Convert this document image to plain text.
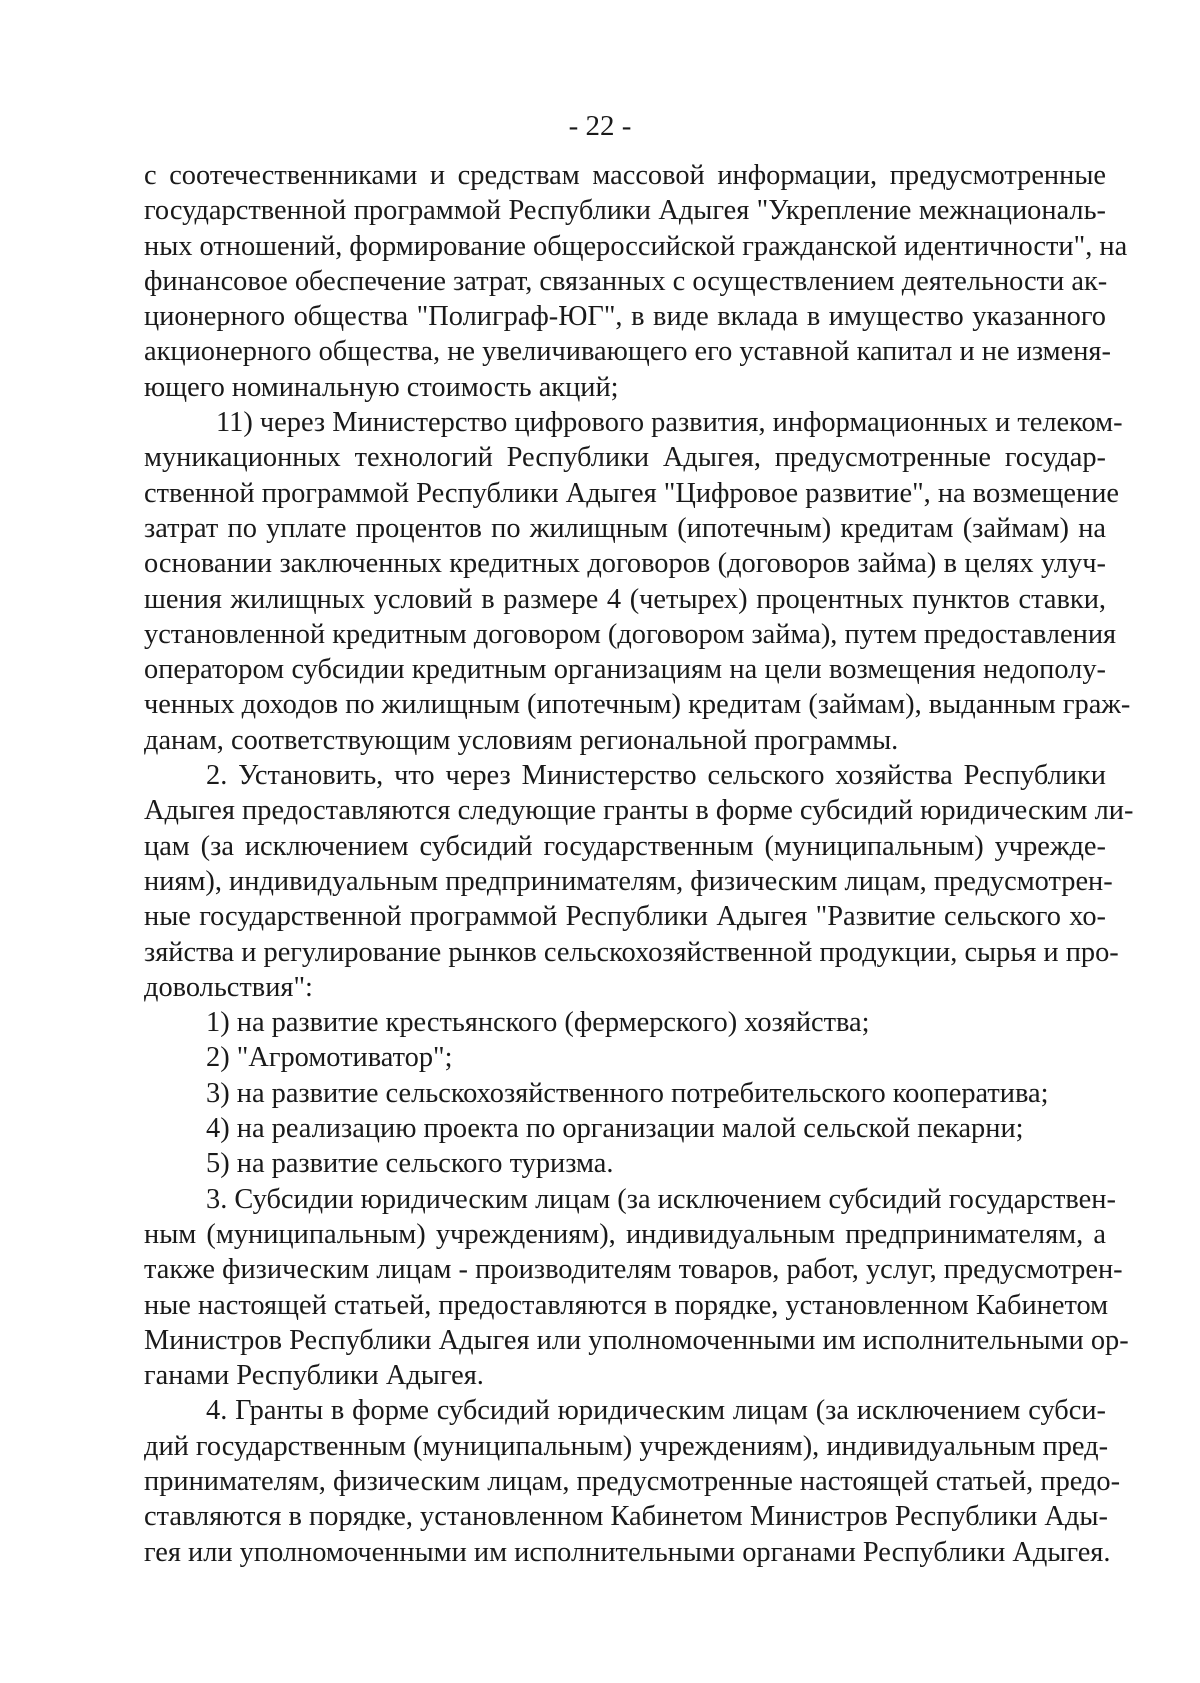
- 22 -
с соотечественниками и средствам массовой информации, предусмотренные
государственной программой Республики Адыгея "Укрепление межнациональ-
ных отношений, формирование общероссийской гражданской идентичности", на
финансовое обеспечение затрат, связанных с осуществлением деятельности ак-
ционерного общества "Полиграф-ЮГ", в виде вклада в имущество указанного
акционерного общества, не увеличивающего его уставной капитал и не изменя-
ющего номинальную стоимость акций;
11) через Министерство цифрового развития, информационных и телеком-
муникационных технологий Республики Адыгея, предусмотренные государ-
ственной программой Республики Адыгея "Цифровое развитие", на возмещение
затрат по уплате процентов по жилищным (ипотечным) кредитам (займам) на
основании заключенных кредитных договоров (договоров займа) в целях улуч-
шения жилищных условий в размере 4 (четырех) процентных пунктов ставки,
установленной кредитным договором (договором займа), путем предоставления
оператором субсидии кредитным организациям на цели возмещения недополу-
ченных доходов по жилищным (ипотечным) кредитам (займам), выданным граж-
данам, соответствующим условиям региональной программы.
2. Установить, что через Министерство сельского хозяйства Республики
Адыгея предоставляются следующие гранты в форме субсидий юридическим ли-
цам (за исключением субсидий государственным (муниципальным) учрежде-
ниям), индивидуальным предпринимателям, физическим лицам, предусмотрен-
ные государственной программой Республики Адыгея "Развитие сельского хо-
зяйства и регулирование рынков сельскохозяйственной продукции, сырья и про-
довольствия":
1) на развитие крестьянского (фермерского) хозяйства;
2) "Агромотиватор";
3) на развитие сельскохозяйственного потребительского кооператива;
4) на реализацию проекта по организации малой сельской пекарни;
5) на развитие сельского туризма.
3. Субсидии юридическим лицам (за исключением субсидий государствен-
ным (муниципальным) учреждениям), индивидуальным предпринимателям, а
также физическим лицам - производителям товаров, работ, услуг, предусмотрен-
ные настоящей статьей, предоставляются в порядке, установленном Кабинетом
Министров Республики Адыгея или уполномоченными им исполнительными ор-
ганами Республики Адыгея.
4. Гранты в форме субсидий юридическим лицам (за исключением субси-
дий государственным (муниципальным) учреждениям), индивидуальным пред-
принимателям, физическим лицам, предусмотренные настоящей статьей, предо-
ставляются в порядке, установленном Кабинетом Министров Республики Ады-
гея или уполномоченными им исполнительными органами Республики Адыгея.
